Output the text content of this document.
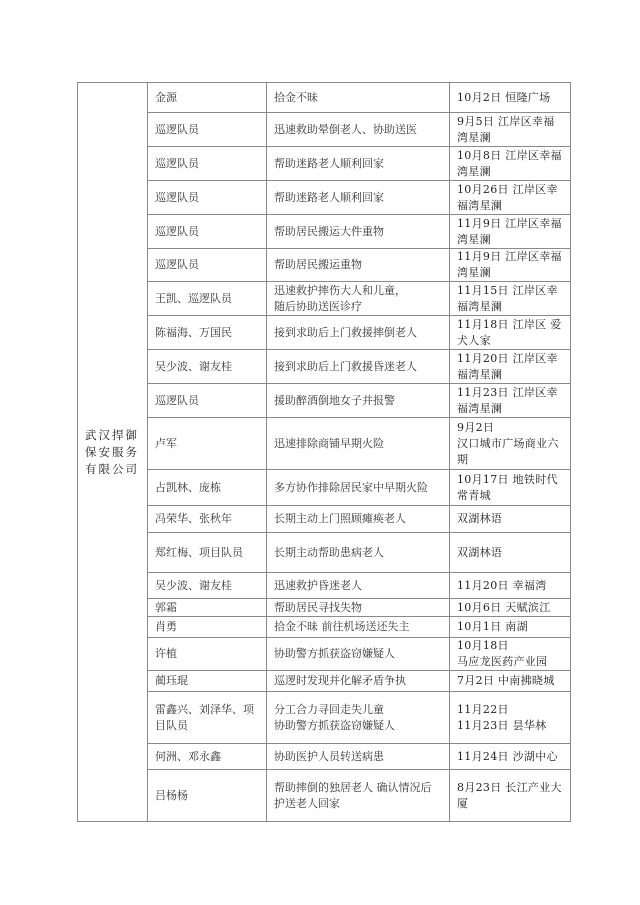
武汉捍御保安服务有限公司	金源	拾金不昧	10月2日 恒隆广场

	巡逻队员	迅速救助晕倒老人、协助送医	9月5日 江岸区幸福湾星澜

	巡逻队员	帮助迷路老人顺利回家	10月8日 江岸区幸福湾星澜

	巡逻队员	帮助迷路老人顺利回家	10月26日 江岸区幸福湾星澜

	巡逻队员	帮助居民搬运大件重物	11月9日 江岸区幸福湾星澜

	巡逻队员	帮助居民搬运重物	11月9日 江岸区幸福湾星澜

	王凯、巡逻队员	迅速救护摔伤大人和儿童，
随后协助送医诊疗	11月15日 江岸区幸福湾星澜

	陈福海、万国民	接到求助后上门救援摔倒老人	11月18日 江岸区 爱犬人家

	吴少波、谢友桂	接到求助后上门救援昏迷老人	11月20日 江岸区幸福湾星澜

	巡逻队员	援助醉酒倒地女子并报警	11月23日 江岸区幸福湾星澜

	卢军	迅速排除商铺早期火险	9月2日
汉口城市广场商业六期

	占凯林、庞栋	多方协作排除居民家中早期火险	10月17日 地铁时代常青城

	冯荣华、张秋年	长期主动上门照顾瘫痪老人	双湖林语

	郑红梅、项目队员	长期主动帮助患病老人	双湖林语

	吴少波、谢友桂	迅速救护昏迷老人	11月20日 幸福湾

	郭霜	帮助居民寻找失物	10月6日 天赋滨江

	肖勇	拾金不昧 前往机场送还失主	10月1日 南湖

	许植	协助警方抓获盗窃嫌疑人	10月18日
马应龙医药产业园

	蔺珏琨	巡逻时发现并化解矛盾争执	7月2日 中南拂晓城

	雷鑫兴、刘泽华、项目队员	分工合力寻回走失儿童
协助警方抓获盗窃嫌疑人	11月22日
11月23日 昙华林

	何洲、邓永鑫	协助医护人员转送病患	11月24日 沙湖中心

	吕杨杨	帮助摔倒的独居老人 确认情况后护送老人回家	8月23日 长江产业大厦
